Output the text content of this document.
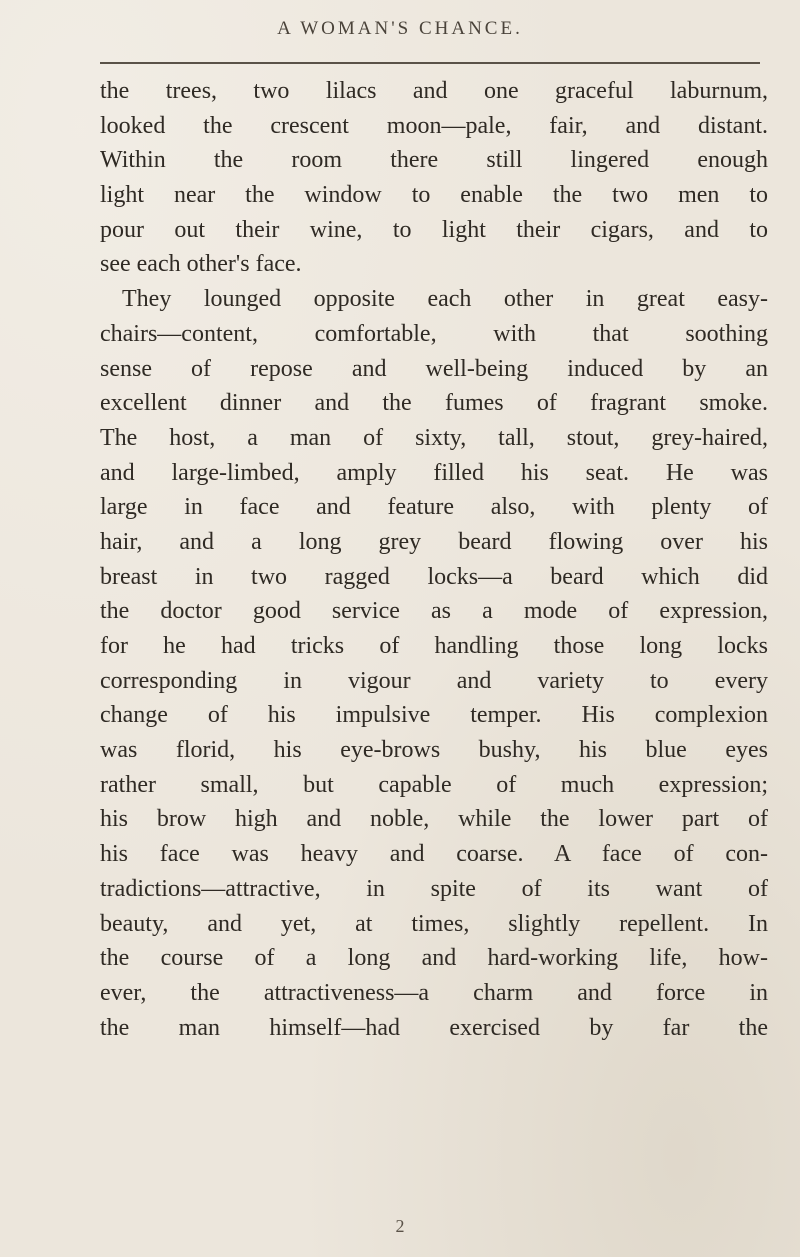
A WOMAN'S CHANCE.
the trees, two lilacs and one graceful laburnum,
looked the crescent moon—pale, fair, and distant.
Within the room there still lingered enough
light near the window to enable the two men to
pour out their wine, to light their cigars, and to
see each other's face.
They lounged opposite each other in great easy-
chairs—content, comfortable, with that soothing
sense of repose and well-being induced by an
excellent dinner and the fumes of fragrant smoke.
The host, a man of sixty, tall, stout, grey-haired,
and large-limbed, amply filled his seat. He was
large in face and feature also, with plenty of
hair, and a long grey beard flowing over his
breast in two ragged locks—a beard which did
the doctor good service as a mode of expression,
for he had tricks of handling those long locks
corresponding in vigour and variety to every
change of his impulsive temper. His complexion
was florid, his eye-brows bushy, his blue eyes
rather small, but capable of much expression;
his brow high and noble, while the lower part of
his face was heavy and coarse. A face of con-
tradictions—attractive, in spite of its want of
beauty, and yet, at times, slightly repellent. In
the course of a long and hard-working life, how-
ever, the attractiveness—a charm and force in
the man himself—had exercised by far the
2
